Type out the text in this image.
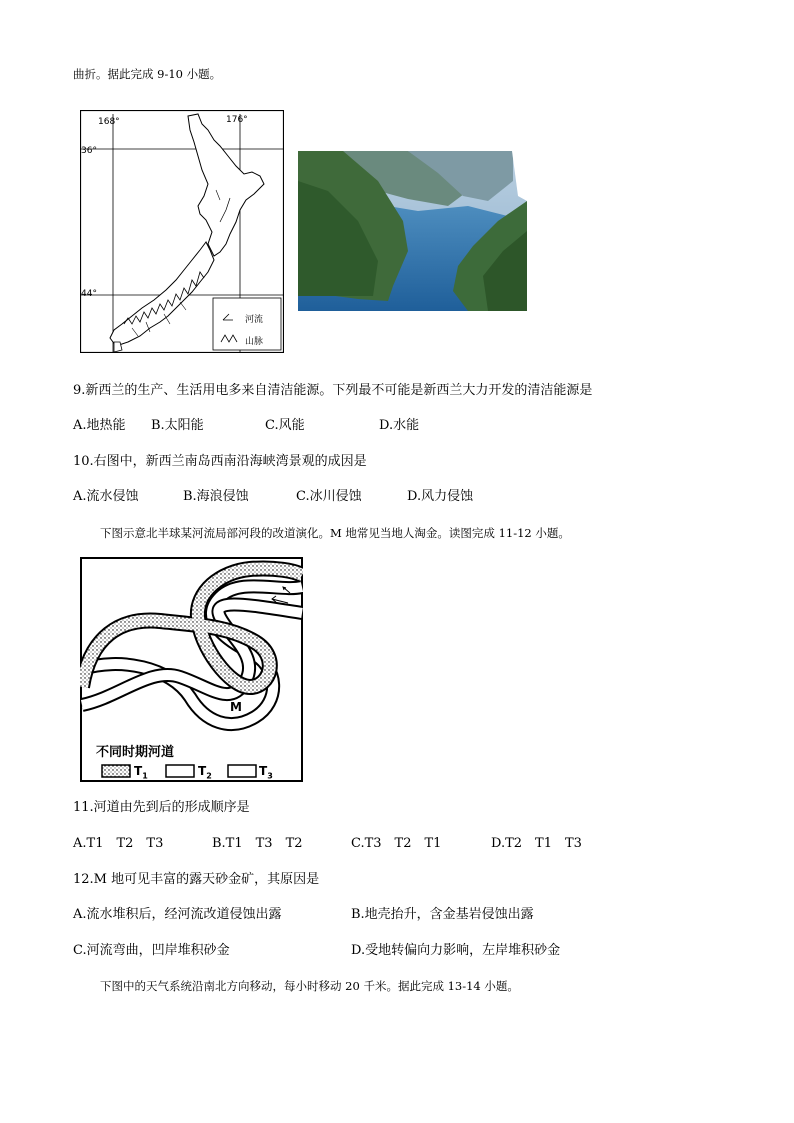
曲折。据此完成 9-10 小题。
168°	176°
36°
44°
河流
山脉
9.新西兰的生产、生活用电多来自清洁能源。下列最不可能是新西兰大力开发的清洁能源是
A.地热能 B.太阳能	C.风能	D.水能
10.右图中，新西兰南岛西南沿海峡湾景观的成因是
A.流水侵蚀	B.海浪侵蚀	C.冰川侵蚀	D.风力侵蚀
下图示意北半球某河流局部河段的改道演化。M 地常见当地人淘金。读图完成 11-12 小题。
M
不同时期河道
$T_1$	$T_2$	$T_3$
11.河道由先到后的形成顺序是
A.T1　T2　T3	B.T1　T3　T2	C.T3　T2　T1	D.T2　T1　T3
12.M 地可见丰富的露天砂金矿，其原因是
A.流水堆积后，经河流改道侵蚀出露	B.地壳抬升，含金基岩侵蚀出露
C.河流弯曲，凹岸堆积砂金	D.受地转偏向力影响，左岸堆积砂金
下图中的天气系统沿南北方向移动，每小时移动 20 千米。据此完成 13-14 小题。
